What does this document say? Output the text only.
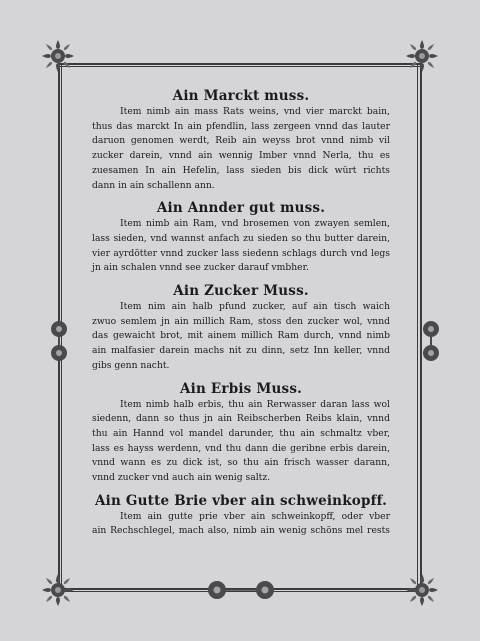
Ain Marckt muss.
Item nimb ain mass Rats weins, vnd vier marckt bain,
thus das marckt In ain pfendlin, lass zergeen vnnd das lauter
daruon genomen werdt, Reib ain weyss brot vnnd nimb vil
zucker darein, vnnd ain wennig Imber vnnd Nerla, thu es
zuesamen In ain Hefelin, lass sieden bis dick würt richts
dann in ain schallenn ann.
Ain Annder gut muss.
Item nimb ain Ram, vnd brosemen von zwayen semlen,
lass sieden, vnd wannst anfach zu sieden so thu butter darein,
vier ayrdötter vnnd zucker lass siedenn schlags durch vnd legs
jn ain schalen vnnd see zucker darauf vmbher.
Ain Zucker Muss.
Item nim ain halb pfund zucker, auf ain tisch waich
zwuo semlem jn ain millich Ram, stoss den zucker wol, vnnd
das gewaicht brot, mit ainem millich Ram durch, vnnd nimb
ain malfasier darein machs nit zu dinn, setz Inn keller, vnnd
gibs genn nacht.
Ain Erbis Muss.
Item nimb halb erbis, thu ain Rerwasser daran lass wol
siedenn, dann so thus jn ain Reibscherben Reibs klain, vnnd
thu ain Hannd vol mandel darunder, thu ain schmaltz vber,
lass es hayss werdenn, vnd thu dann die geribne erbis darein,
vnnd wann es zu dick ist, so thu ain frisch wasser darann,
vnnd zucker vnd auch ain wenig saltz.
Ain Gutte Brie vber ain schweinkopff.
Item ain gutte prie vber ain schweinkopff, oder vber
ain Rechschlegel, mach also, nimb ain wenig schöns mel rests
